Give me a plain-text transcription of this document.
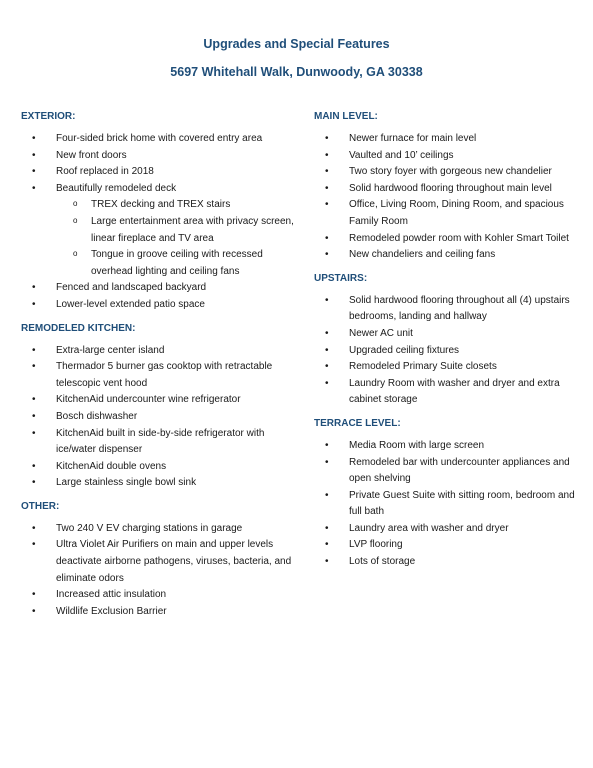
Upgrades and Special Features
5697 Whitehall Walk, Dunwoody, GA 30338
EXTERIOR:
• Four-sided brick home with covered entry area
• New front doors
• Roof replaced in 2018
• Beautifully remodeled deck
o TREX decking and TREX stairs
o Large entertainment area with privacy screen, linear fireplace and TV area
o Tongue in groove ceiling with recessed overhead lighting and ceiling fans
• Fenced and landscaped backyard
• Lower-level extended patio space
REMODELED KITCHEN:
• Extra-large center island
• Thermador 5 burner gas cooktop with retractable telescopic vent hood
• KitchenAid undercounter wine refrigerator
• Bosch dishwasher
• KitchenAid built in side-by-side refrigerator with ice/water dispenser
• KitchenAid double ovens
• Large stainless single bowl sink
OTHER:
• Two 240 V EV charging stations in garage
• Ultra Violet Air Purifiers on main and upper levels deactivate airborne pathogens, viruses, bacteria, and eliminate odors
• Increased attic insulation
• Wildlife Exclusion Barrier
MAIN LEVEL:
• Newer furnace for main level
• Vaulted and 10’ ceilings
• Two story foyer with gorgeous new chandelier
• Solid hardwood flooring throughout main level
• Office, Living Room, Dining Room, and spacious Family Room
• Remodeled powder room with Kohler Smart Toilet
• New chandeliers and ceiling fans
UPSTAIRS:
• Solid hardwood flooring throughout all (4) upstairs bedrooms, landing and hallway
• Newer AC unit
• Upgraded ceiling fixtures
• Remodeled Primary Suite closets
• Laundry Room with washer and dryer and extra cabinet storage
TERRACE LEVEL:
• Media Room with large screen
• Remodeled bar with undercounter appliances and open shelving
• Private Guest Suite with sitting room, bedroom and full bath
• Laundry area with washer and dryer
• LVP flooring
• Lots of storage
